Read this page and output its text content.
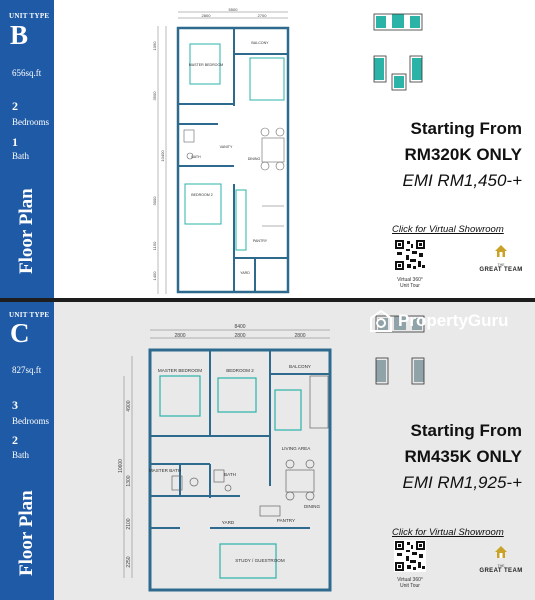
UNIT TYPE
B
656sq.ft
2
Bedrooms
1
Bath
Floor Plan
5500
2800	2700
1090
3500
10400
3000
1150
1400
MASTER BEDROOM
BALCONY
BATH
VANITY
DINING
BEDROOM 2
PANTRY
YARD
Starting From
RM320K ONLY
EMI RM1,450-+
Click for Virtual Showroom
Virtual 360°
Unit Tour
THE
GREAT TEAM
UNIT TYPE
C
827sq.ft
3
Bedrooms
2
Bath
Floor Plan
8400
2800	2800	2800
4900
10600
1300
2100
2250
MASTER BEDROOM	BEDROOM 2
BALCONY
LIVING AREA
DINING
MASTER BATH
BATH
PANTRY
YARD
STUDY / GUESTROOM
PropertyGuru
Starting From
RM435K ONLY
EMI RM1,925-+
Click for Virtual Showroom
Virtual 360°
Unit Tour
THE
GREAT TEAM
